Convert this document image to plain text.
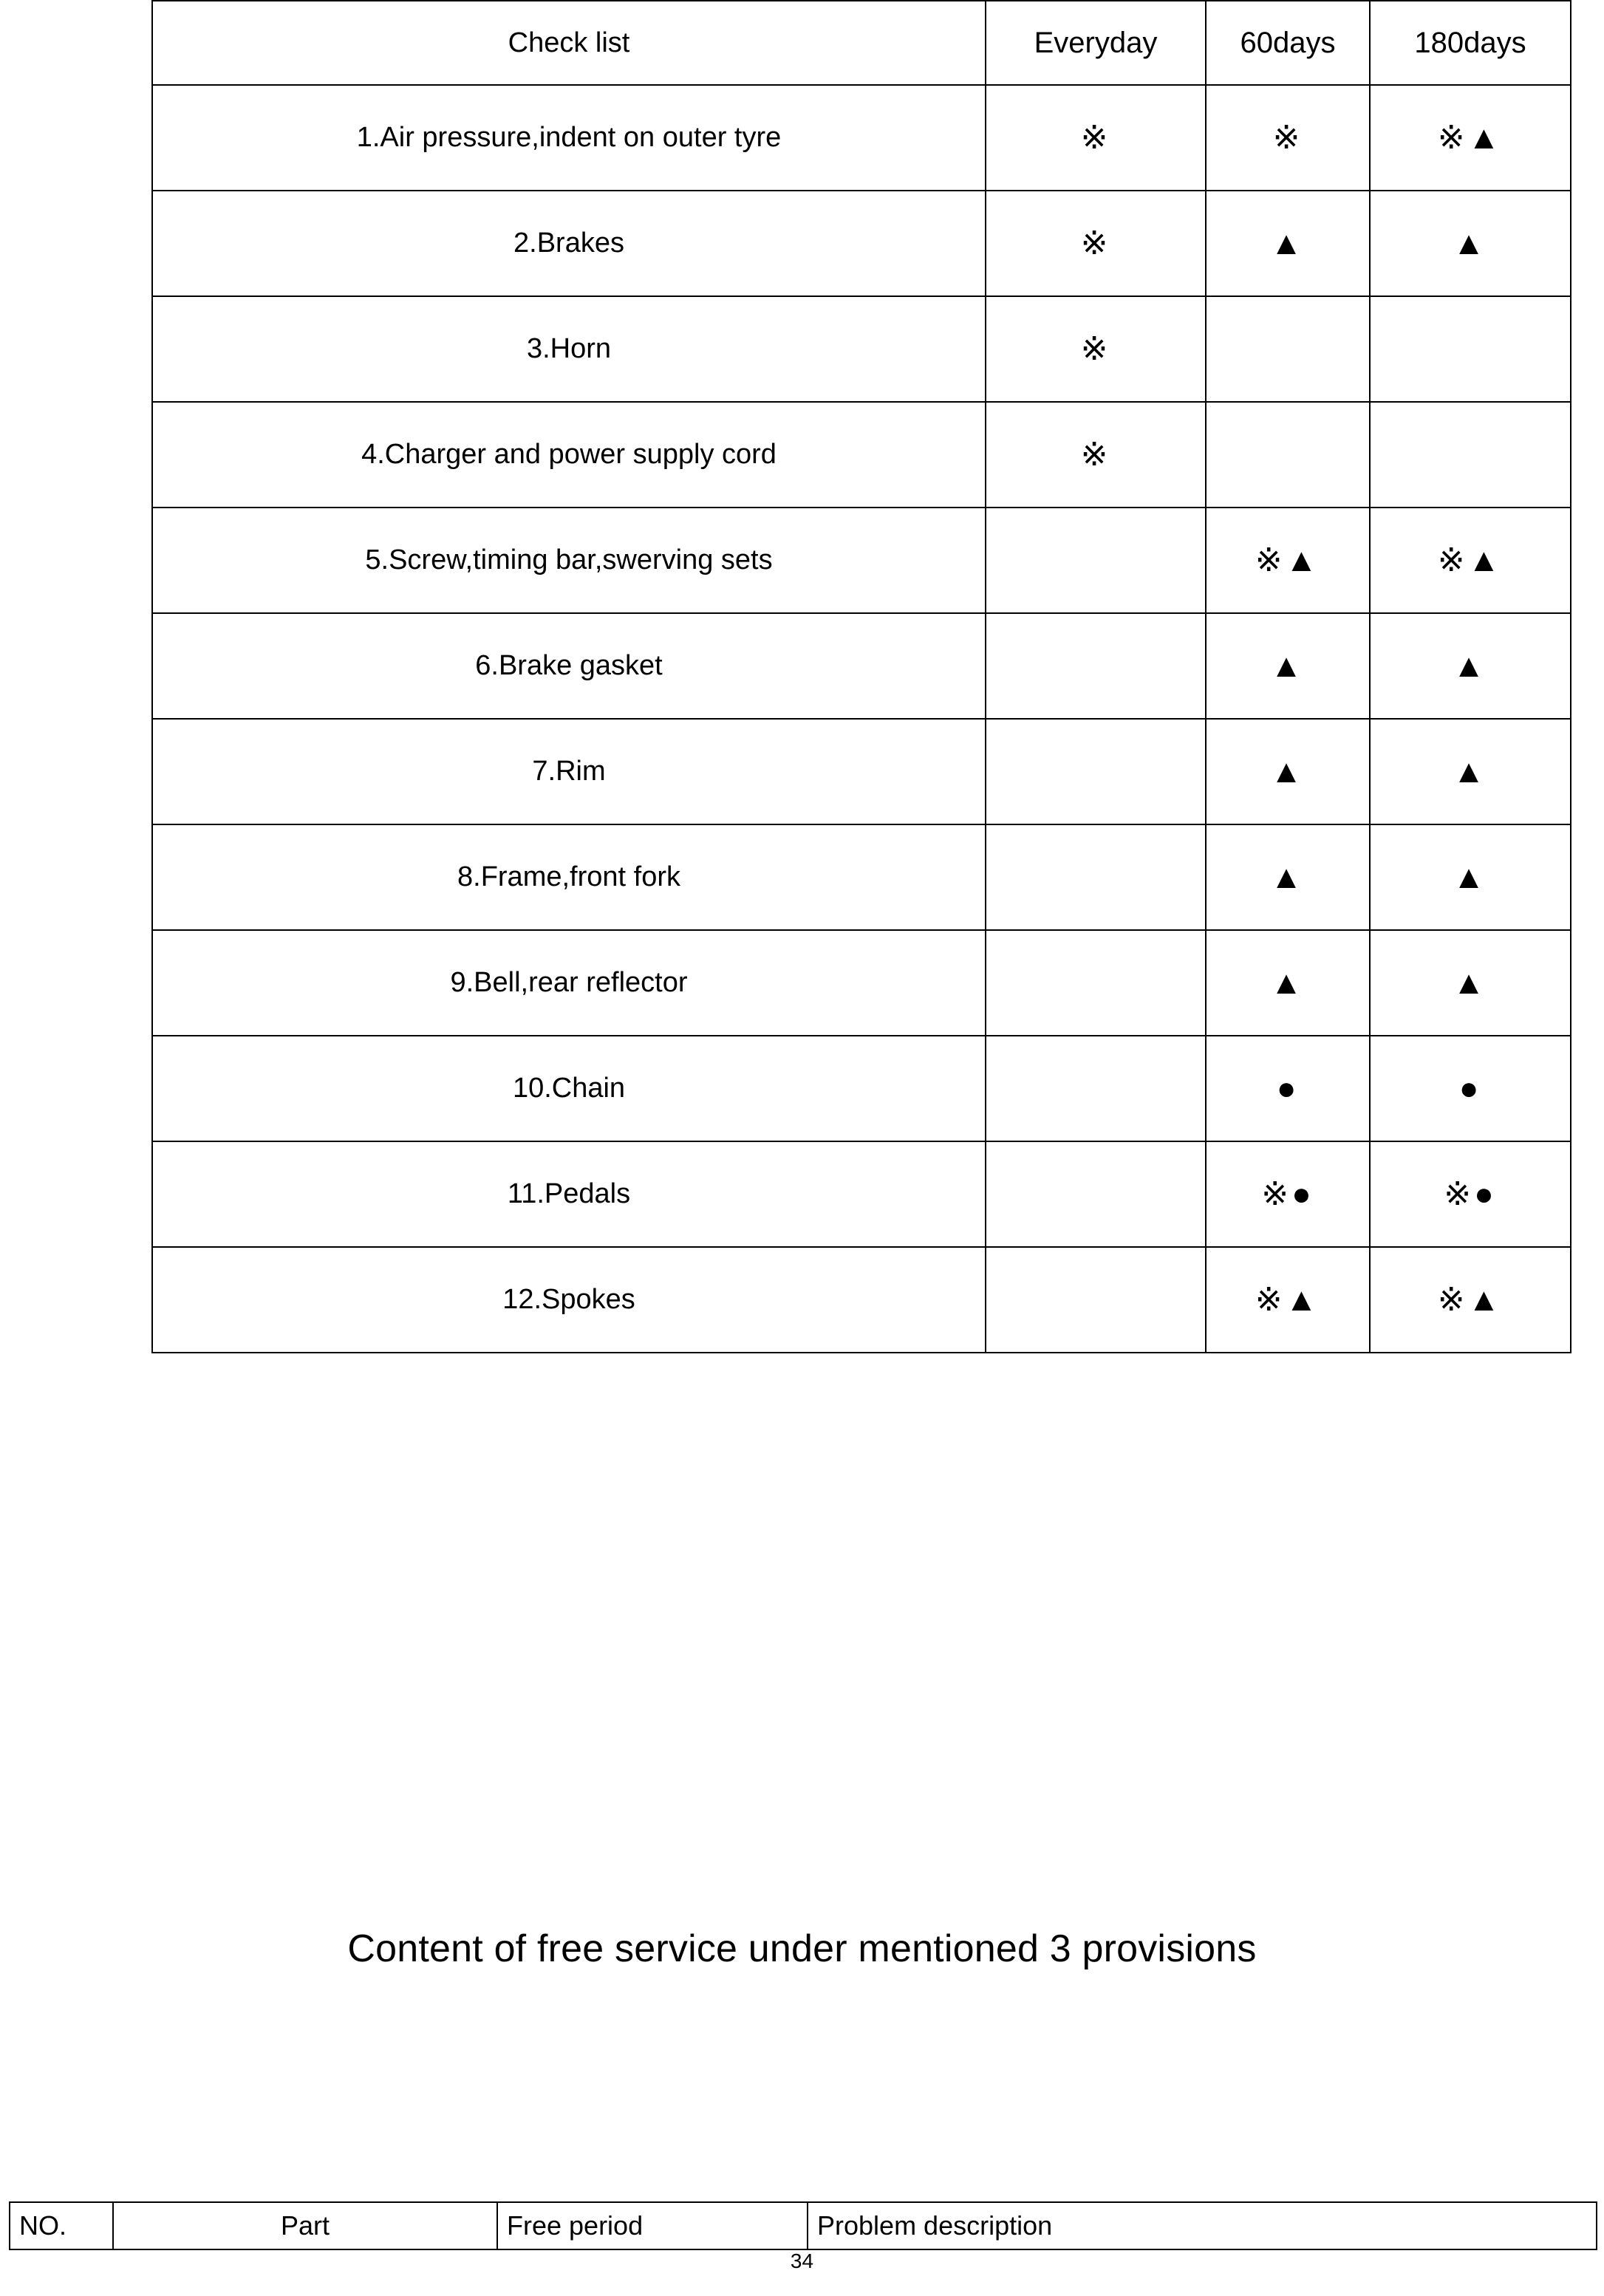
Check list	Everyday	60days	180days
1.Air pressure,indent on outer tyre	※	※	※▲
2.Brakes	※	▲	▲
3.Horn	※		
4.Charger and power supply cord	※		
5.Screw,timing bar,swerving sets		※▲	※▲
6.Brake gasket		▲	▲
7.Rim		▲	▲
8.Frame,front fork		▲	▲
9.Bell,rear reflector		▲	▲
10.Chain		●	●
11.Pedals		※●	※●
12.Spokes		※▲	※▲
Content of free service under mentioned 3 provisions
NO.	Part	Free period	Problem description
34
